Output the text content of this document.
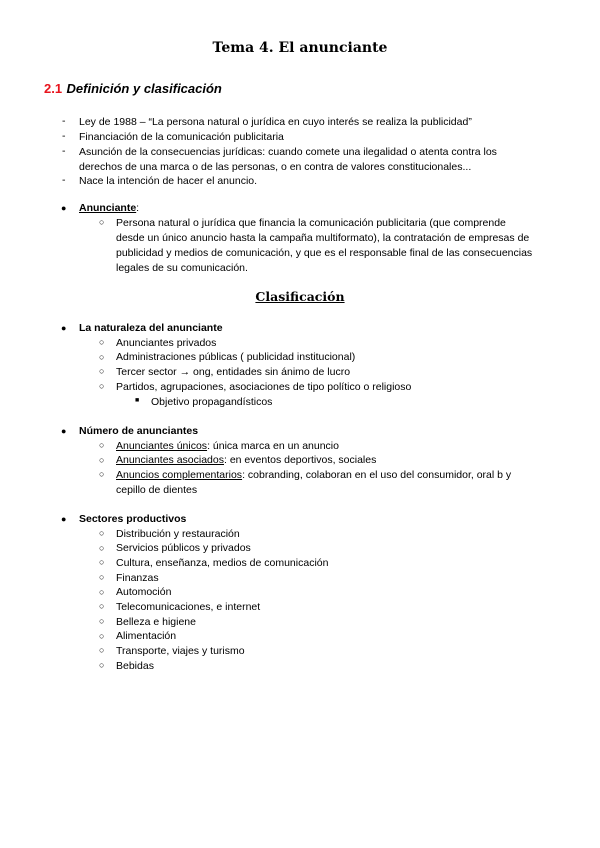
Tema 4. El anunciante
2.1 Definición y clasificación
- Ley de 1988 – “La persona natural o jurídica en cuyo interés se realiza la publicidad”
- Financiación de la comunicación publicitaria
- Asunción de la consecuencias jurídicas: cuando comete una ilegalidad o atenta contra los
derechos de una marca o de las personas, o en contra de valores constitucionales...
- Nace la intención de hacer el anuncio.
● Anunciante:
○ Persona natural o jurídica que financia la comunicación publicitaria (que comprende
desde un único anuncio hasta la campaña multiformato), la contratación de empresas de
publicidad y medios de comunicación, y que es el responsable final de las consecuencias
legales de su comunicación.
Clasificación
● La naturaleza del anunciante
○ Anunciantes privados
○ Administraciones públicas ( publicidad institucional)
○ Tercer sector → ong, entidades sin ánimo de lucro
○ Partidos, agrupaciones, asociaciones de tipo político o religioso
■ Objetivo propagandísticos
● Número de anunciantes
○ Anunciantes únicos: única marca en un anuncio
○ Anunciantes asociados: en eventos deportivos, sociales
○ Anuncios complementarios: cobranding, colaboran en el uso del consumidor, oral b y
cepillo de dientes
● Sectores productivos
○ Distribución y restauración
○ Servicios públicos y privados
○ Cultura, enseñanza, medios de comunicación
○ Finanzas
○ Automoción
○ Telecomunicaciones, e internet
○ Belleza e higiene
○ Alimentación
○ Transporte, viajes y turismo
○ Bebidas
